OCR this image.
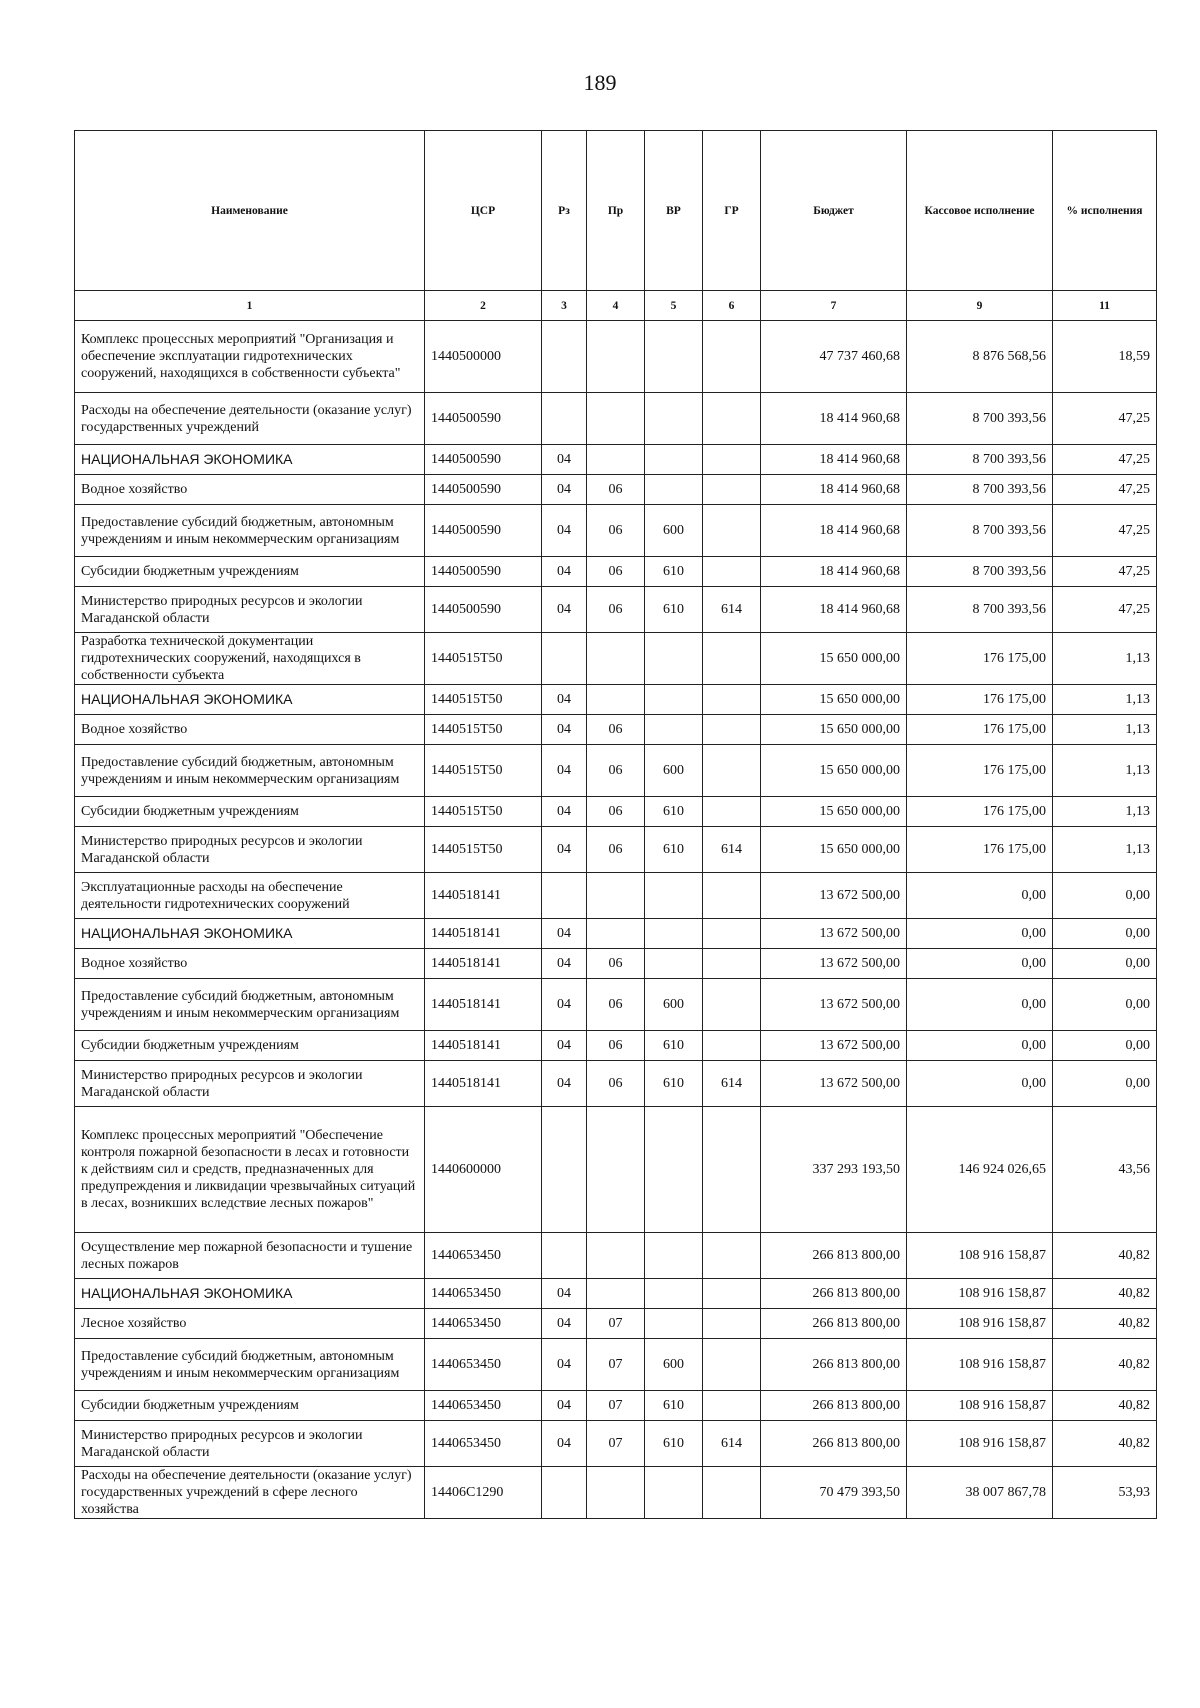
189
Наименование	ЦСР	Рз	Пр	ВР	ГР	Бюджет	Кассовое исполнение	% исполнения
1	2	3	4	5	6	7	9	11
Комплекс процессных мероприятий "Организация и обеспечение эксплуатации гидротехнических сооружений, находящихся в собственности субъекта"	1440500000					47 737 460,68	8 876 568,56	18,59
Расходы на обеспечение деятельности (оказание услуг) государственных учреждений	1440500590					18 414 960,68	8 700 393,56	47,25
НАЦИОНАЛЬНАЯ ЭКОНОМИКА	1440500590	04				18 414 960,68	8 700 393,56	47,25
Водное хозяйство	1440500590	04	06			18 414 960,68	8 700 393,56	47,25
Предоставление субсидий бюджетным, автономным учреждениям и иным некоммерческим организациям	1440500590	04	06	600		18 414 960,68	8 700 393,56	47,25
Субсидии бюджетным учреждениям	1440500590	04	06	610		18 414 960,68	8 700 393,56	47,25
Министерство природных ресурсов и экологии Магаданской области	1440500590	04	06	610	614	18 414 960,68	8 700 393,56	47,25
Разработка технической документации гидротехнических сооружений, находящихся в собственности субъекта	1440515Т50					15 650 000,00	176 175,00	1,13
НАЦИОНАЛЬНАЯ ЭКОНОМИКА	1440515Т50	04				15 650 000,00	176 175,00	1,13
Водное хозяйство	1440515Т50	04	06			15 650 000,00	176 175,00	1,13
Предоставление субсидий бюджетным, автономным учреждениям и иным некоммерческим организациям	1440515Т50	04	06	600		15 650 000,00	176 175,00	1,13
Субсидии бюджетным учреждениям	1440515Т50	04	06	610		15 650 000,00	176 175,00	1,13
Министерство природных ресурсов и экологии Магаданской области	1440515Т50	04	06	610	614	15 650 000,00	176 175,00	1,13
Эксплуатационные расходы на обеспечение деятельности гидротехнических сооружений	1440518141					13 672 500,00	0,00	0,00
НАЦИОНАЛЬНАЯ ЭКОНОМИКА	1440518141	04				13 672 500,00	0,00	0,00
Водное хозяйство	1440518141	04	06			13 672 500,00	0,00	0,00
Предоставление субсидий бюджетным, автономным учреждениям и иным некоммерческим организациям	1440518141	04	06	600		13 672 500,00	0,00	0,00
Субсидии бюджетным учреждениям	1440518141	04	06	610		13 672 500,00	0,00	0,00
Министерство природных ресурсов и экологии Магаданской области	1440518141	04	06	610	614	13 672 500,00	0,00	0,00
Комплекс процессных мероприятий "Обеспечение контроля пожарной безопасности в лесах и готовности к действиям сил и средств, предназначенных для предупреждения и ликвидации чрезвычайных ситуаций в лесах, возникших вследствие лесных пожаров"	1440600000					337 293 193,50	146 924 026,65	43,56
Осуществление мер пожарной безопасности и тушение лесных пожаров	1440653450					266 813 800,00	108 916 158,87	40,82
НАЦИОНАЛЬНАЯ ЭКОНОМИКА	1440653450	04				266 813 800,00	108 916 158,87	40,82
Лесное хозяйство	1440653450	04	07			266 813 800,00	108 916 158,87	40,82
Предоставление субсидий бюджетным, автономным учреждениям и иным некоммерческим организациям	1440653450	04	07	600		266 813 800,00	108 916 158,87	40,82
Субсидии бюджетным учреждениям	1440653450	04	07	610		266 813 800,00	108 916 158,87	40,82
Министерство природных ресурсов и экологии Магаданской области	1440653450	04	07	610	614	266 813 800,00	108 916 158,87	40,82
Расходы на обеспечение деятельности (оказание услуг) государственных учреждений в сфере лесного хозяйства	14406С1290					70 479 393,50	38 007 867,78	53,93
